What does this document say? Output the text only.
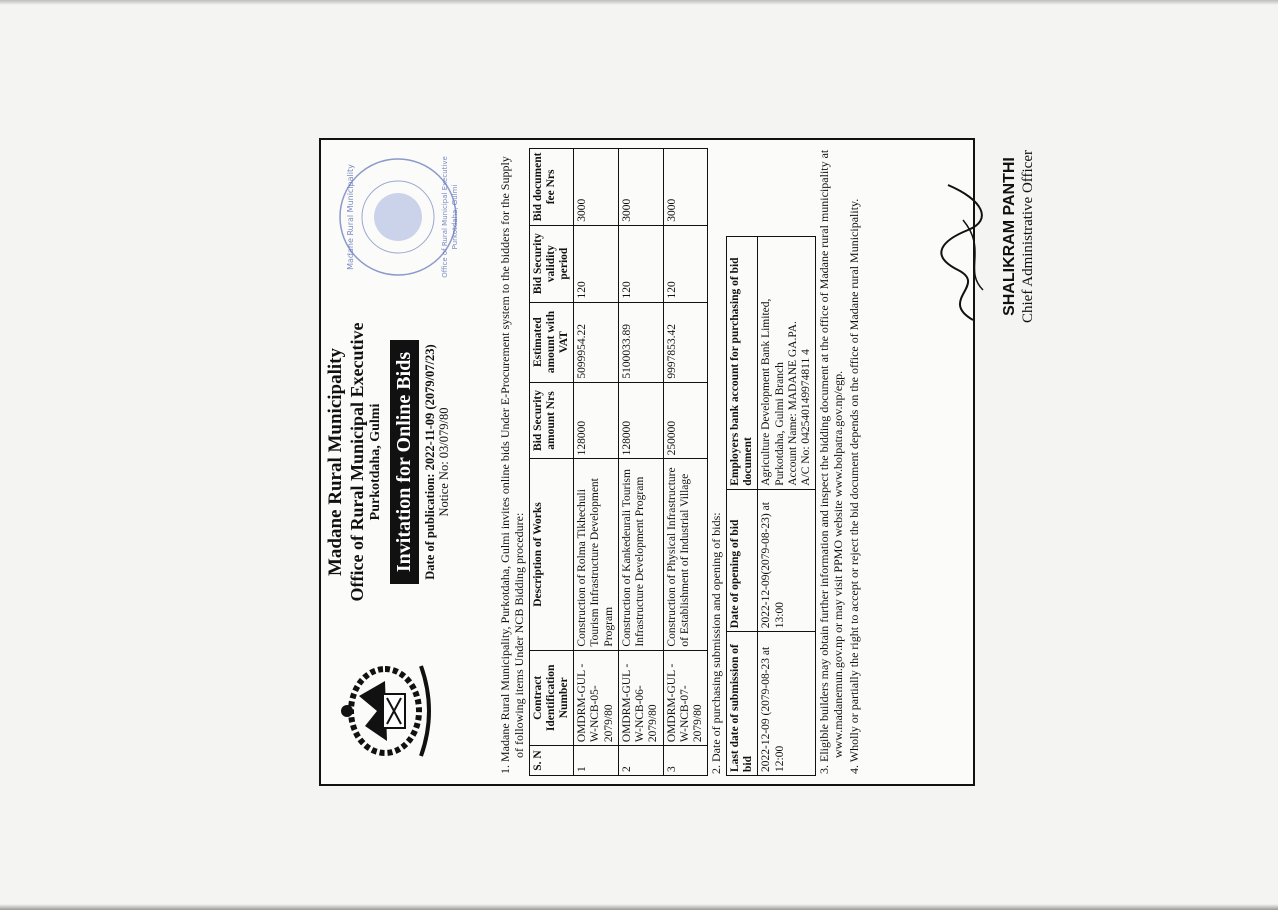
Madane Rural Municipality Office of Rural Municipal Executive Purkotdaha, Gulmi Invitation for Online Bids Date of publication: 2022-11-09 (2079/07/23) Notice No: 03/079/80
Madane Rural Municipality	Office of Rural Municipal Executive Purkotdaha, Gulmi	1. Madane Rural Municipality, Purkotdaha, Gulmi invites online bids Under E-Procurement system to the bidders for the Supply of following items Under NCB Bidding procedure:
S. N	Contract Identification Number	Description of Works	Bid Security amount Nrs	Estimated amount with VAT	Bid Security validity period	Bid document fee Nrs
1	OMDRM-GUL -W-NCB-05-2079/80	Construction of Rolma Tikhechuli Tourism Infrastructure Development Program	128000	5099954.22	120	3000
2	OMDRM-GUL -W-NCB-06-2079/80	Construction of Kankedeurali Tourism Infrastructure Development Program	128000	5100033.89	120	3000
3	OMDRM-GUL -W-NCB-07-2079/80	Construction of Physical Infrastructure of Establishment of Industrial Village	250000	9997853.42	120	3000
2. Date of purchasing submission and opening of bids: Last date of submission of bid	Date of opening of bid	Employers bank account for purchasing of bid document
2022-12-09 (2079-08-23 at 12:00	2022-12-09(2079-08-23) at 13:00	Agriculture Development Bank Limited, Purkotdaha, Gulmi Branch Account Name: MADANE GA.PA. A/C No: 042540149974811 4 3. Eligible builders may obtain further information and inspect the bidding document at the office of Madane rural municipality at www.madanemun.gov.np or may visit PPMO website www.bolpatra.gov.np/egp. 4. Wholly or partially the right to accept or reject the bid document depends on the office of Madane rural Municipality.	SHALIKRAM PANTHI Chief Administrative Officer
